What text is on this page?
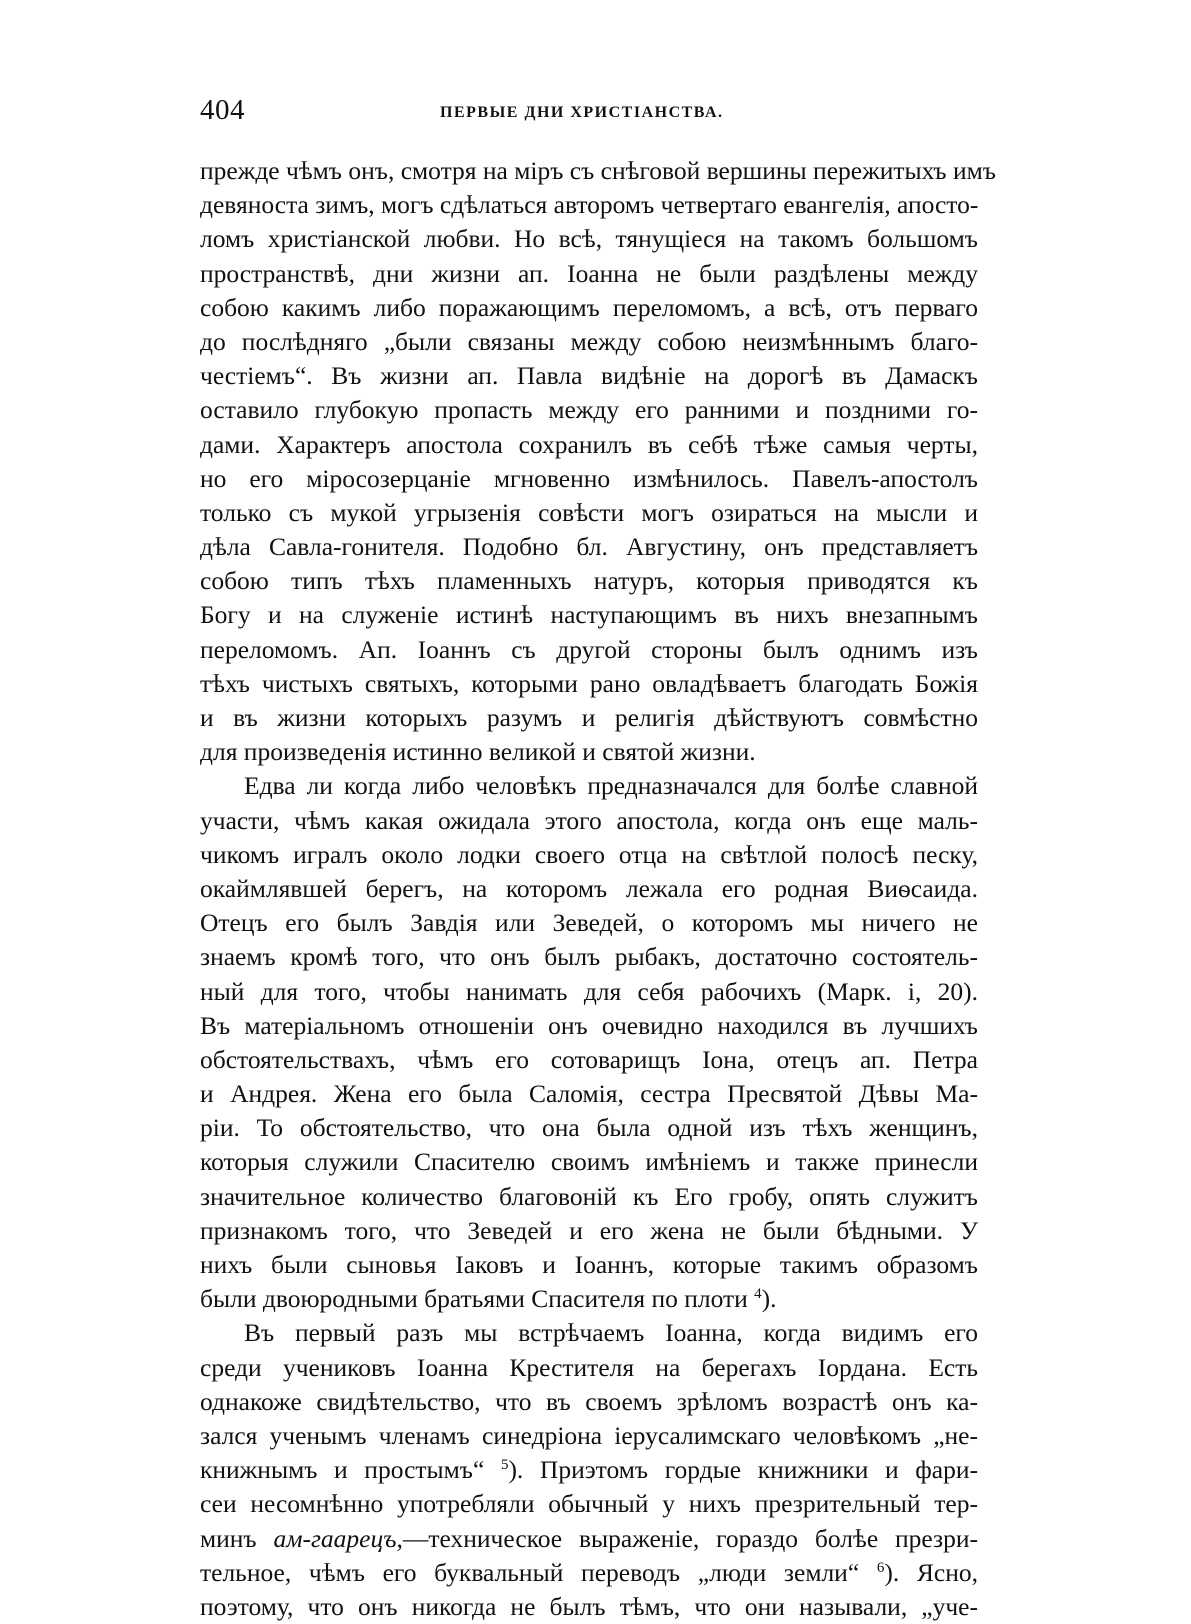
404	ПЕРВЫЕ ДНИ ХРИСТІАНСТВА.
прежде чѣмъ онъ, смотря на міръ съ снѣговой вершины пережитыхъ имъ
девяноста зимъ, могъ сдѣлаться авторомъ четвертаго евангелія, апосто-
ломъ христіанской любви. Но всѣ, тянущіеся на такомъ большомъ
пространствѣ, дни жизни ап. Іоанна не были раздѣлены между
собою какимъ либо поражающимъ переломомъ, а всѣ, отъ перваго
до послѣдняго „были связаны между собою неизмѣннымъ благо-
честіемъ“. Въ жизни ап. Павла видѣніе на дорогѣ въ Дамаскъ
оставило глубокую пропасть между его ранними и поздними го-
дами. Характеръ апостола сохранилъ въ себѣ тѣже самыя черты,
но его міросозерцаніе мгновенно измѣнилось. Павелъ-апостолъ
только съ мукой угрызенія совѣсти могъ озираться на мысли и
дѣла Савла-гонителя. Подобно бл. Августину, онъ представляетъ
собою типъ тѣхъ пламенныхъ натуръ, которыя приводятся къ
Богу и на служеніе истинѣ наступающимъ въ нихъ внезапнымъ
переломомъ. Ап. Іоаннъ съ другой стороны былъ однимъ изъ
тѣхъ чистыхъ святыхъ, которыми рано овладѣваетъ благодать Божія
и въ жизни которыхъ разумъ и религія дѣйствуютъ совмѣстно
для произведенія истинно великой и святой жизни.
Едва ли когда либо человѣкъ предназначался для болѣе славной
участи, чѣмъ какая ожидала этого апостола, когда онъ еще маль-
чикомъ игралъ около лодки своего отца на свѣтлой полосѣ песку,
окаймлявшей берегъ, на которомъ лежала его родная Виѳсаида.
Отецъ его былъ Завдія или Зеведей, о которомъ мы ничего не
знаемъ кромѣ того, что онъ былъ рыбакъ, достаточно состоятель-
ный для того, чтобы нанимать для себя рабочихъ (Марк. і, 20).
Въ матеріальномъ отношеніи онъ очевидно находился въ лучшихъ
обстоятельствахъ, чѣмъ его сотоварищъ Іона, отецъ ап. Петра
и Андрея. Жена его была Саломія, сестра Пресвятой Дѣвы Ма-
ріи. То обстоятельство, что она была одной изъ тѣхъ женщинъ,
которыя служили Спасителю своимъ имѣніемъ и также принесли
значительное количество благовоній къ Его гробу, опять служитъ
признакомъ того, что Зеведей и его жена не были бѣдными. У
нихъ были сыновья Іаковъ и Іоаннъ, которые такимъ образомъ
были двоюродными братьями Спасителя по плоти $^4$).
Въ первый разъ мы встрѣчаемъ Іоанна, когда видимъ его
среди учениковъ Іоанна Крестителя на берегахъ Іордана. Есть
однакоже свидѣтельство, что въ своемъ зрѣломъ возрастѣ онъ ка-
зался ученымъ членамъ синедріона іерусалимскаго человѣкомъ „не-
книжнымъ и простымъ“ $^5$). Приэтомъ гордые книжники и фари-
сеи несомнѣнно употребляли обычный у нихъ презрительный тер-
минъ ам-гаарецъ,—техническое выраженіе, гораздо болѣе презри-
тельное, чѣмъ его буквальный переводъ „люди земли“ $^6$). Ясно,
поэтому, что онъ никогда не былъ тѣмъ, что они называли, „уче-
